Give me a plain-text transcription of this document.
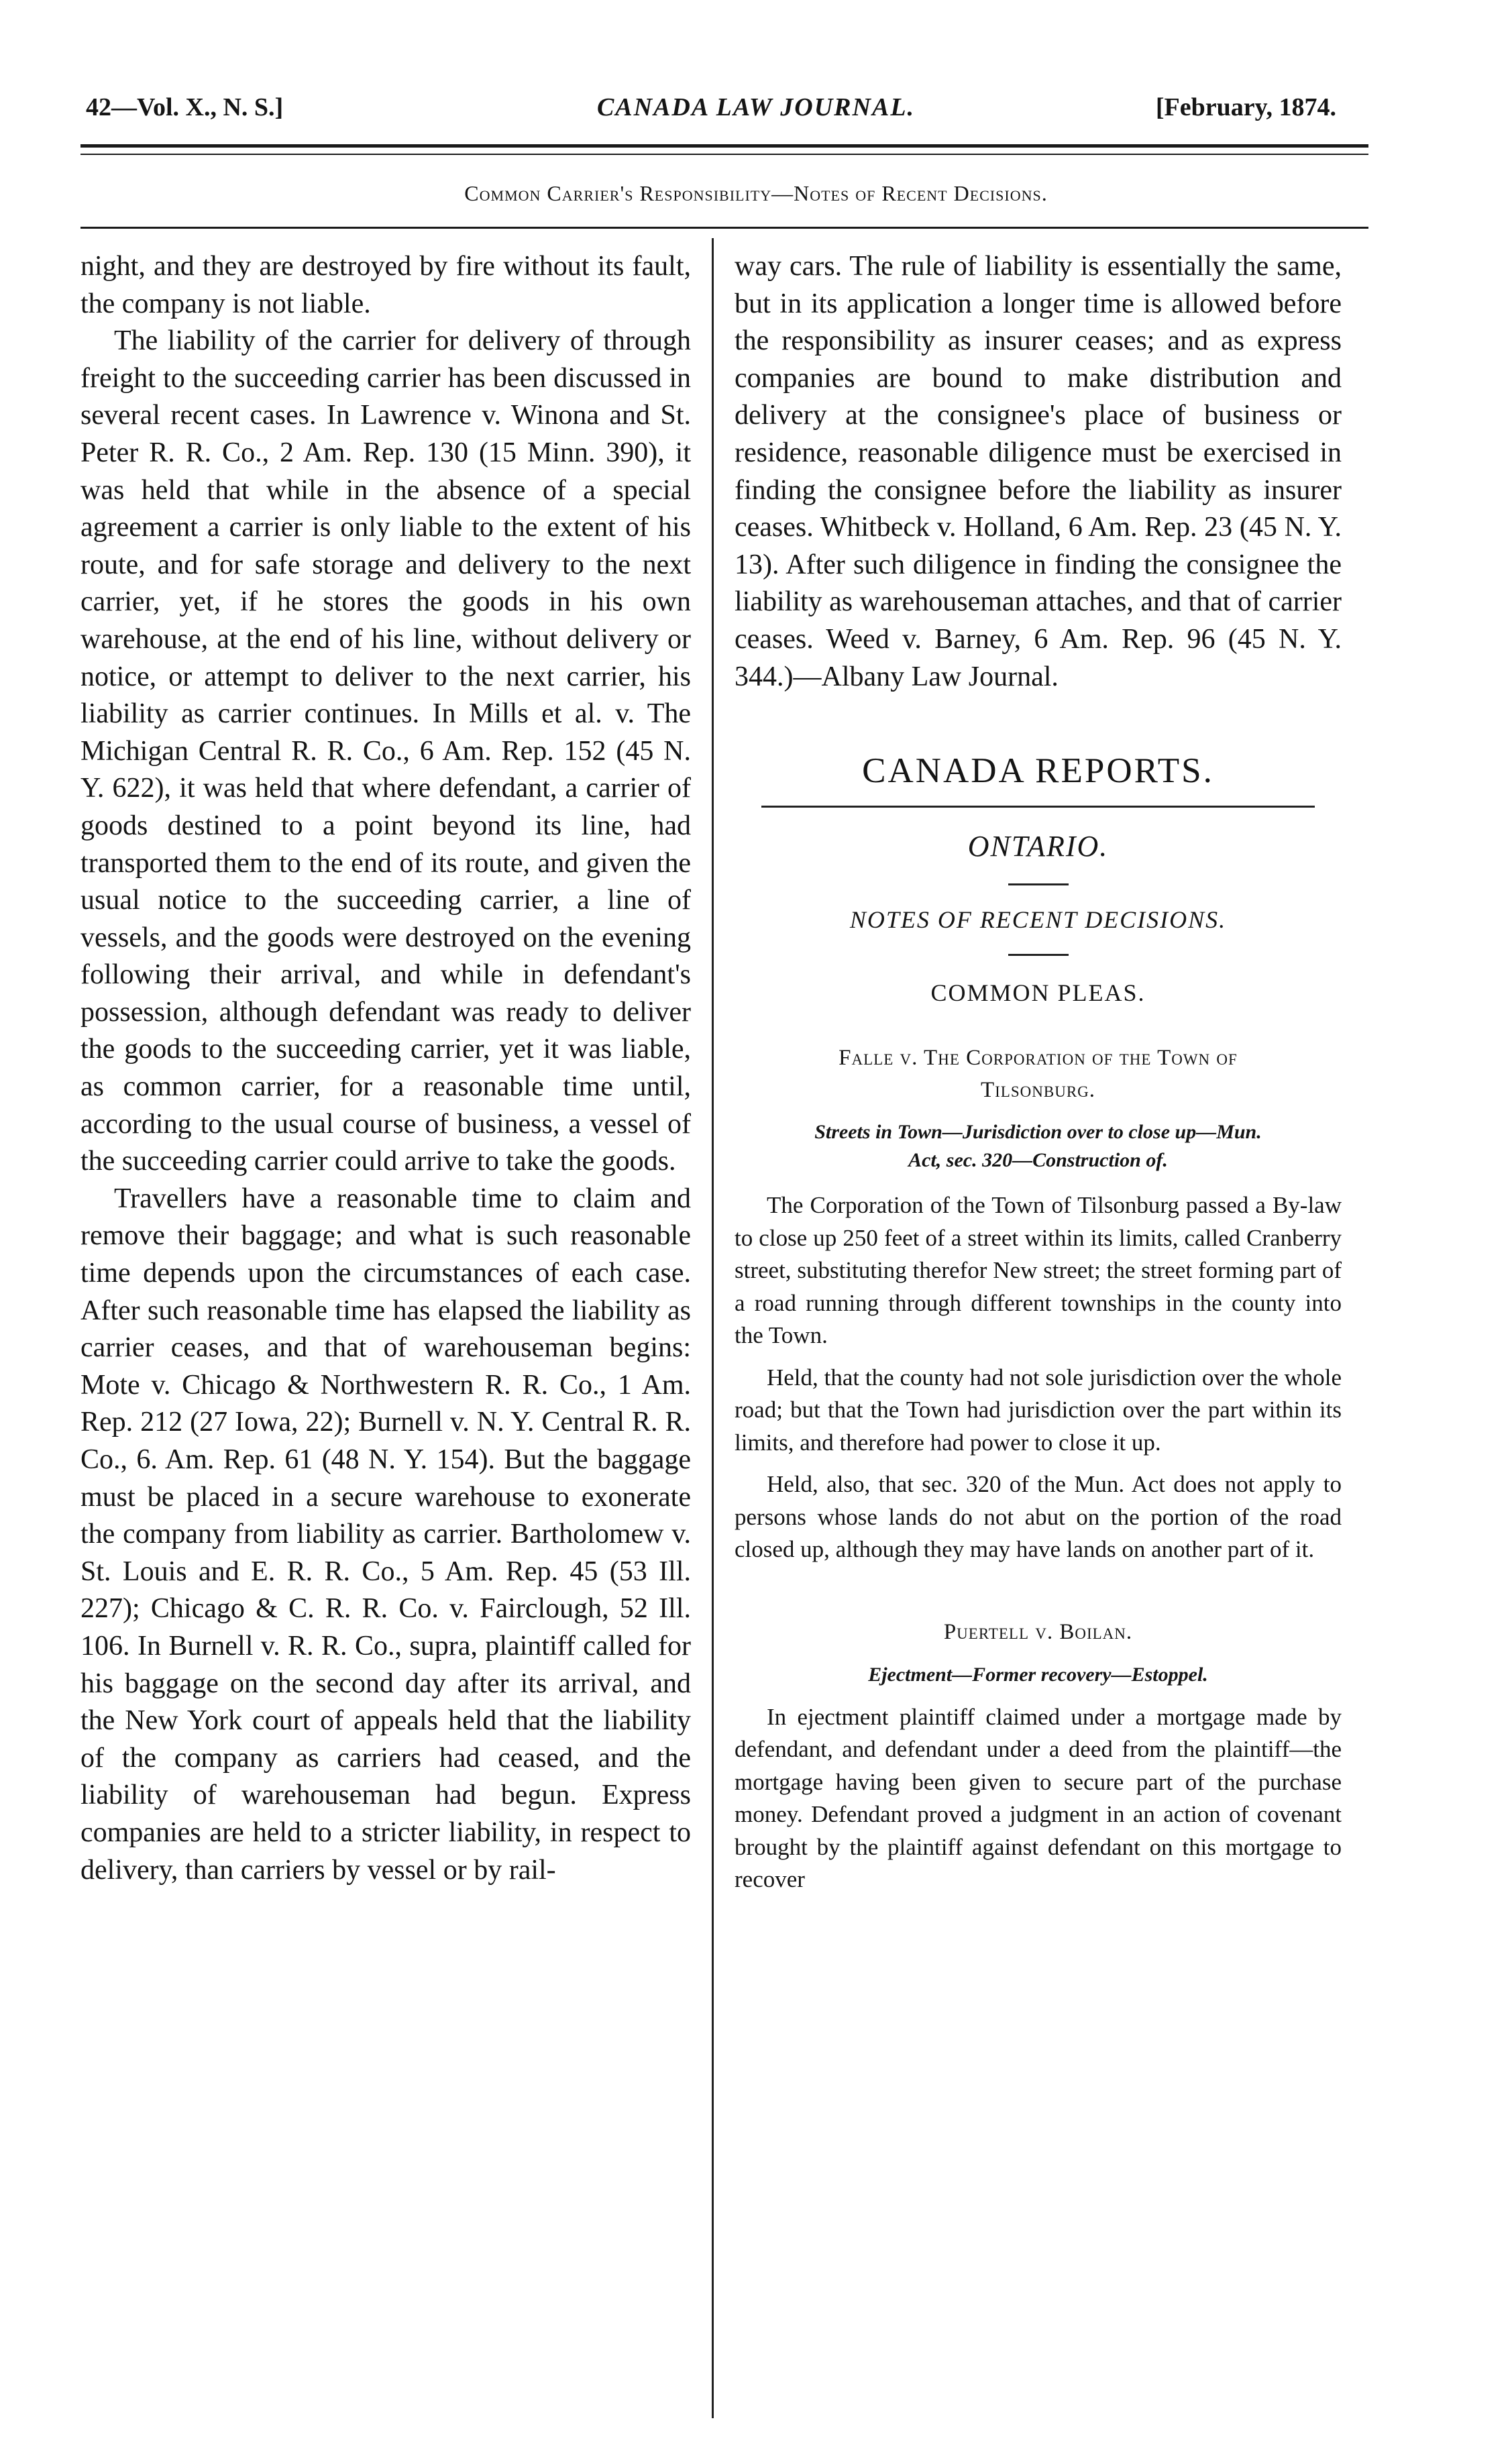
42—Vol. X., N. S.]	CANADA LAW JOURNAL.	[February, 1874.
Common Carrier's Responsibility—Notes of Recent Decisions.

night, and they are destroyed by fire without its fault, the company is not liable.

The liability of the carrier for delivery of through freight to the succeeding carrier has been discussed in several recent cases. In Lawrence v. Winona and St. Peter R. R. Co., 2 Am. Rep. 130 (15 Minn. 390), it was held that while in the absence of a special agreement a carrier is only liable to the extent of his route, and for safe storage and delivery to the next carrier, yet, if he stores the goods in his own warehouse, at the end of his line, without delivery or notice, or attempt to deliver to the next carrier, his liability as carrier continues. In Mills et al. v. The Michigan Central R. R. Co., 6 Am. Rep. 152 (45 N. Y. 622), it was held that where defendant, a carrier of goods destined to a point beyond its line, had transported them to the end of its route, and given the usual notice to the succeeding carrier, a line of vessels, and the goods were destroyed on the evening following their arrival, and while in defendant's possession, although defendant was ready to deliver the goods to the succeeding carrier, yet it was liable, as common carrier, for a reasonable time until, according to the usual course of business, a vessel of the succeeding carrier could arrive to take the goods.

Travellers have a reasonable time to claim and remove their baggage; and what is such reasonable time depends upon the circumstances of each case. After such reasonable time has elapsed the liability as carrier ceases, and that of warehouseman begins: Mote v. Chicago & Northwestern R. R. Co., 1 Am. Rep. 212 (27 Iowa, 22); Burnell v. N. Y. Central R. R. Co., 6. Am. Rep. 61 (48 N. Y. 154). But the baggage must be placed in a secure warehouse to exonerate the company from liability as carrier. Bartholomew v. St. Louis and E. R. R. Co., 5 Am. Rep. 45 (53 Ill. 227); Chicago & C. R. R. Co. v. Fairclough, 52 Ill. 106. In Burnell v. R. R. Co., supra, plaintiff called for his baggage on the second day after its arrival, and the New York court of appeals held that the liability of the company as carriers had ceased, and the liability of warehouseman had begun. Express companies are held to a stricter liability, in respect to delivery, than carriers by vessel or by rail-

way cars. The rule of liability is essentially the same, but in its application a longer time is allowed before the responsibility as insurer ceases; and as express companies are bound to make distribution and delivery at the consignee's place of business or residence, reasonable diligence must be exercised in finding the consignee before the liability as insurer ceases. Whitbeck v. Holland, 6 Am. Rep. 23 (45 N. Y. 13). After such diligence in finding the consignee the liability as warehouseman attaches, and that of carrier ceases. Weed v. Barney, 6 Am. Rep. 96 (45 N. Y. 344.)—Albany Law Journal.

CANADA REPORTS.
ONTARIO.
NOTES OF RECENT DECISIONS.
COMMON PLEAS.
Falle v. The Corporation of the Town of
Tilsonburg.
Streets in Town—Jurisdiction over to close up—Mun.
Act, sec. 320—Construction of.

The Corporation of the Town of Tilsonburg passed a By-law to close up 250 feet of a street within its limits, called Cranberry street, substituting therefor New street; the street forming part of a road running through different townships in the county into the Town.

Held, that the county had not sole jurisdiction over the whole road; but that the Town had jurisdiction over the part within its limits, and therefore had power to close it up.

Held, also, that sec. 320 of the Mun. Act does not apply to persons whose lands do not abut on the portion of the road closed up, although they may have lands on another part of it.

Puertell v. Boilan.
Ejectment—Former recovery—Estoppel.

In ejectment plaintiff claimed under a mortgage made by defendant, and defendant under a deed from the plaintiff—the mortgage having been given to secure part of the purchase money. Defendant proved a judgment in an action of covenant brought by the plaintiff against defendant on this mortgage to recover
